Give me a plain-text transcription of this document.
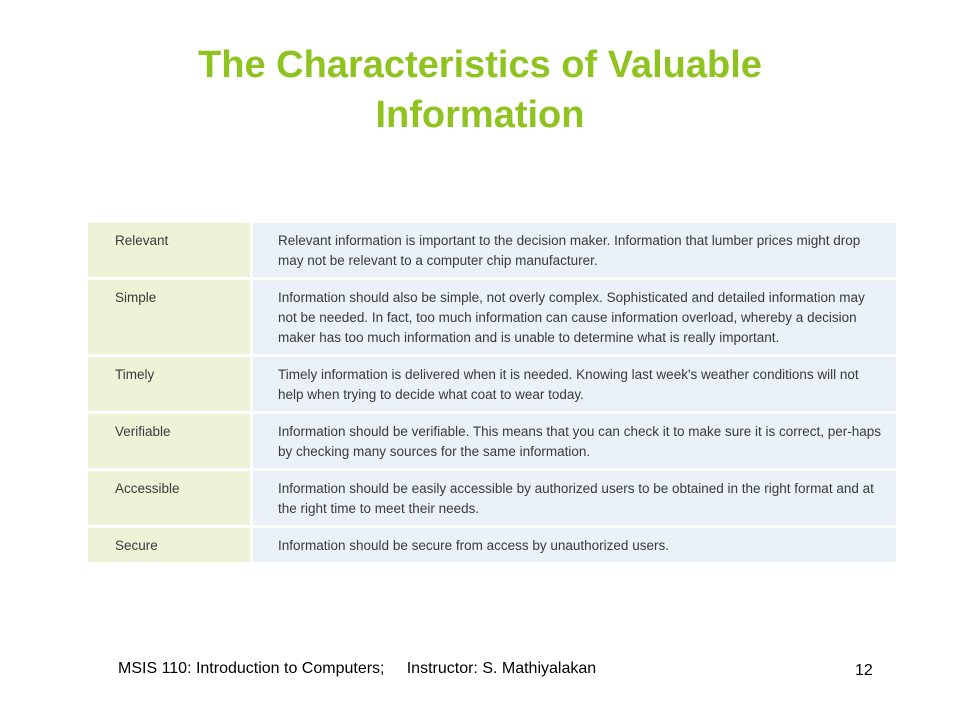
The Characteristics of Valuable Information
Relevant	Relevant information is important to the decision maker. Information that lumber prices might drop may not be relevant to a computer chip manufacturer.
Simple	Information should also be simple, not overly complex. Sophisticated and detailed information may not be needed. In fact, too much information can cause information overload, whereby a decision maker has too much information and is unable to determine what is really important.
Timely	Timely information is delivered when it is needed. Knowing last week's weather conditions will not help when trying to decide what coat to wear today.
Verifiable	Information should be verifiable. This means that you can check it to make sure it is correct, per-haps by checking many sources for the same information.
Accessible	Information should be easily accessible by authorized users to be obtained in the right format and at the right time to meet their needs.
Secure	Information should be secure from access by unauthorized users.
MSIS 110: Introduction to Computers; Instructor: S. Mathiyalakan	12
